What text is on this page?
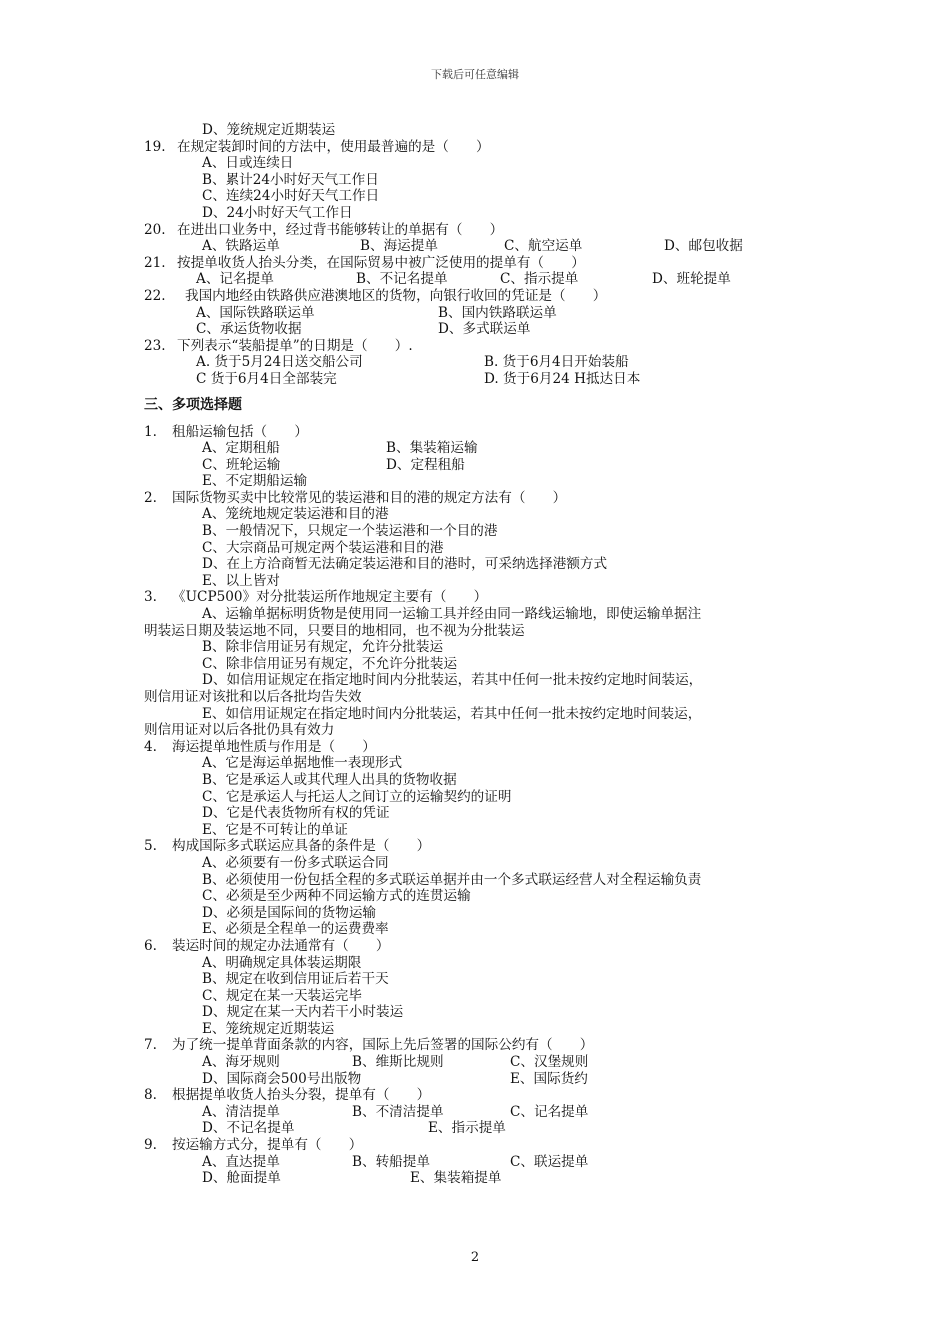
下载后可任意编辑
D、笼统规定近期装运
19. 在规定装卸时间的方法中，使用最普遍的是（　　）
A、日或连续日
B、累计24小时好天气工作日
C、连续24小时好天气工作日
D、24小时好天气工作日
20. 在进出口业务中，经过背书能够转让的单据有（　　）
A、铁路运单	B、海运提单	C、航空运单	D、邮包收据
21. 按提单收货人抬头分类，在国际贸易中被广泛使用的提单有（　　）
A、记名提单	B、不记名提单	C、指示提单	D、班轮提单
22. 我国内地经由铁路供应港澳地区的货物，向银行收回的凭证是（　　）
A、国际铁路联运单	B、国内铁路联运单
C、承运货物收据	D、多式联运单
23. 下列表示“装船提单”的日期是（　　）.
A. 货于5月24日送交船公司	B. 货于6月4日开始装船
C 货于6月4日全部装完	D. 货于6月24 H抵达日本
三、多项选择题
1. 租船运输包括（　　）
A、定期租船	B、集装箱运输
C、班轮运输	D、定程租船
E、不定期船运输
2. 国际货物买卖中比较常见的装运港和目的港的规定方法有（　　）
A、笼统地规定装运港和目的港
B、一般情况下，只规定一个装运港和一个目的港
C、大宗商品可规定两个装运港和目的港
D、在上方洽商暂无法确定装运港和目的港时，可采纳选择港额方式
E、以上皆对
3. 《UCP500》对分批装运所作地规定主要有（　　）
A、运输单据标明货物是使用同一运输工具并经由同一路线运输地，即使运输单据注
明装运日期及装运地不同，只要目的地相同，也不视为分批装运
B、除非信用证另有规定，允许分批装运
C、除非信用证另有规定，不允许分批装运
D、如信用证规定在指定地时间内分批装运，若其中任何一批未按约定地时间装运，
则信用证对该批和以后各批均告失效
E、如信用证规定在指定地时间内分批装运，若其中任何一批未按约定地时间装运，
则信用证对以后各批仍具有效力
4. 海运提单地性质与作用是（　　）
A、它是海运单据地惟一表现形式
B、它是承运人或其代理人出具的货物收据
C、它是承运人与托运人之间订立的运输契约的证明
D、它是代表货物所有权的凭证
E、它是不可转让的单证
5. 构成国际多式联运应具备的条件是（　　）
A、必须要有一份多式联运合同
B、必须使用一份包括全程的多式联运单据并由一个多式联运经营人对全程运输负责
C、必须是至少两种不同运输方式的连贯运输
D、必须是国际间的货物运输
E、必须是全程单一的运费费率
6. 装运时间的规定办法通常有（　　）
A、明确规定具体装运期限
B、规定在收到信用证后若干天
C、规定在某一天装运完毕
D、规定在某一天内若干小时装运
E、笼统规定近期装运
7. 为了统一提单背面条款的内容，国际上先后签署的国际公约有（　　）
A、海牙规则	B、维斯比规则	C、汉堡规则
D、国际商会500号出版物	E、国际货约
8. 根据提单收货人抬头分裂，提单有（　　）
A、清洁提单	B、不清洁提单	C、记名提单
D、不记名提单	E、指示提单
9. 按运输方式分，提单有（　　）
A、直达提单	B、转船提单	C、联运提单
D、舱面提单	E、集装箱提单
2
